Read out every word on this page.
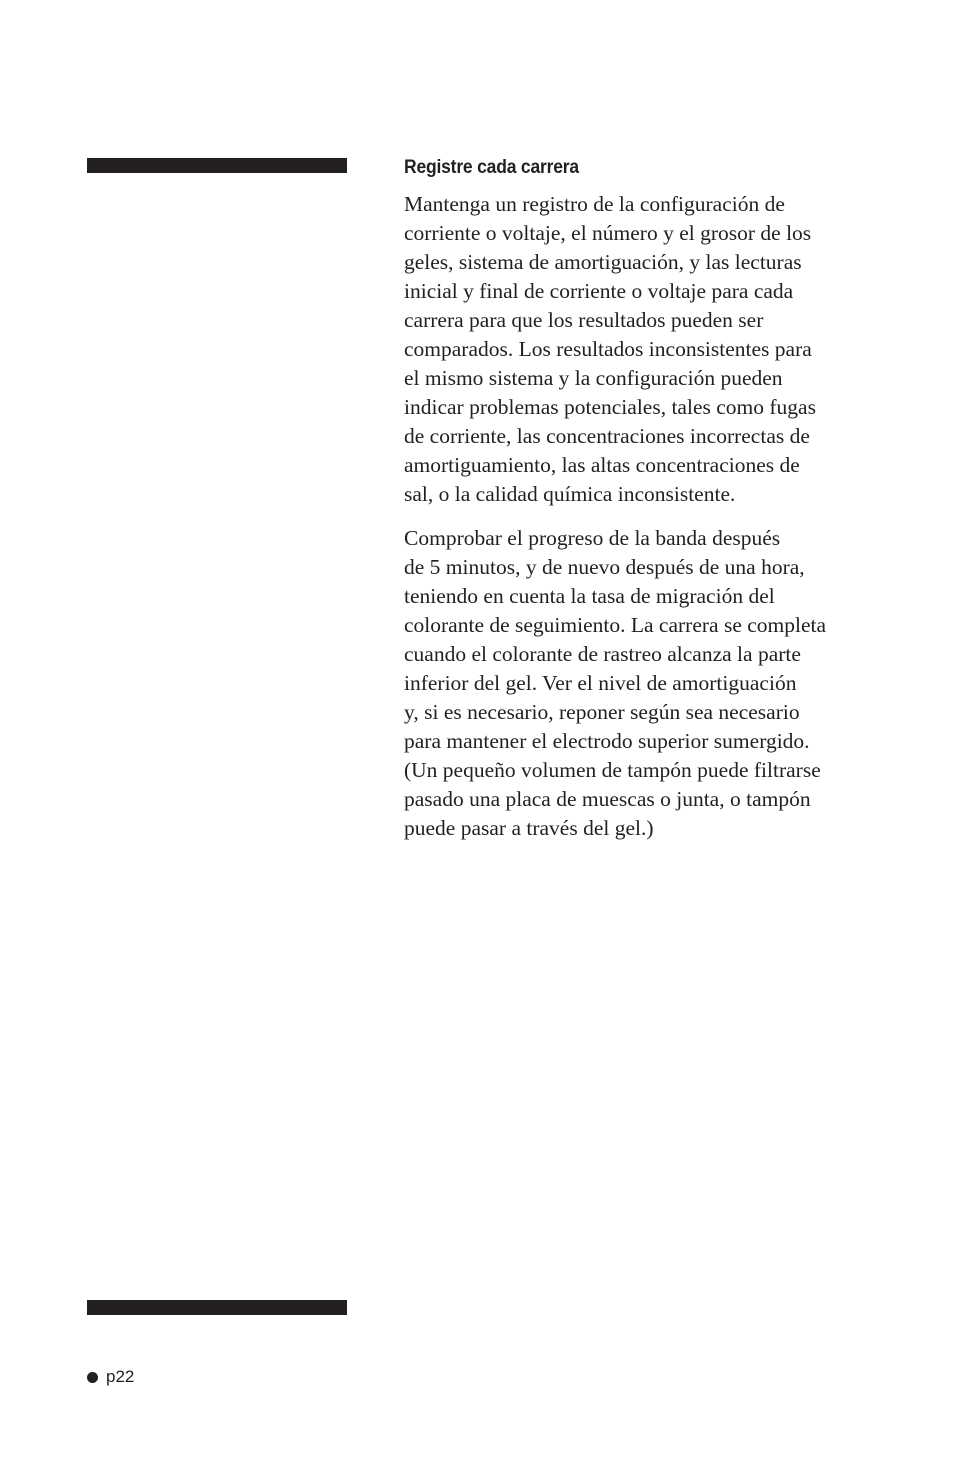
Registre cada carrera

Mantenga un registro de la configuración de
corriente o voltaje, el número y el grosor de los
geles, sistema de amortiguación, y las lecturas
inicial y final de corriente o voltaje para cada
carrera para que los resultados pueden ser
comparados. Los resultados inconsistentes para
el mismo sistema y la configuración pueden
indicar problemas potenciales, tales como fugas
de corriente, las concentraciones incorrectas de
amortiguamiento, las altas concentraciones de
sal, o la calidad química inconsistente.

Comprobar el progreso de la banda después
de 5 minutos, y de nuevo después de una hora,
teniendo en cuenta la tasa de migración del
colorante de seguimiento. La carrera se completa
cuando el colorante de rastreo alcanza la parte
inferior del gel. Ver el nivel de amortiguación
y, si es necesario, reponer según sea necesario
para mantener el electrodo superior sumergido.
(Un pequeño volumen de tampón puede filtrarse
pasado una placa de muescas o junta, o tampón
puede pasar a través del gel.)

p22
